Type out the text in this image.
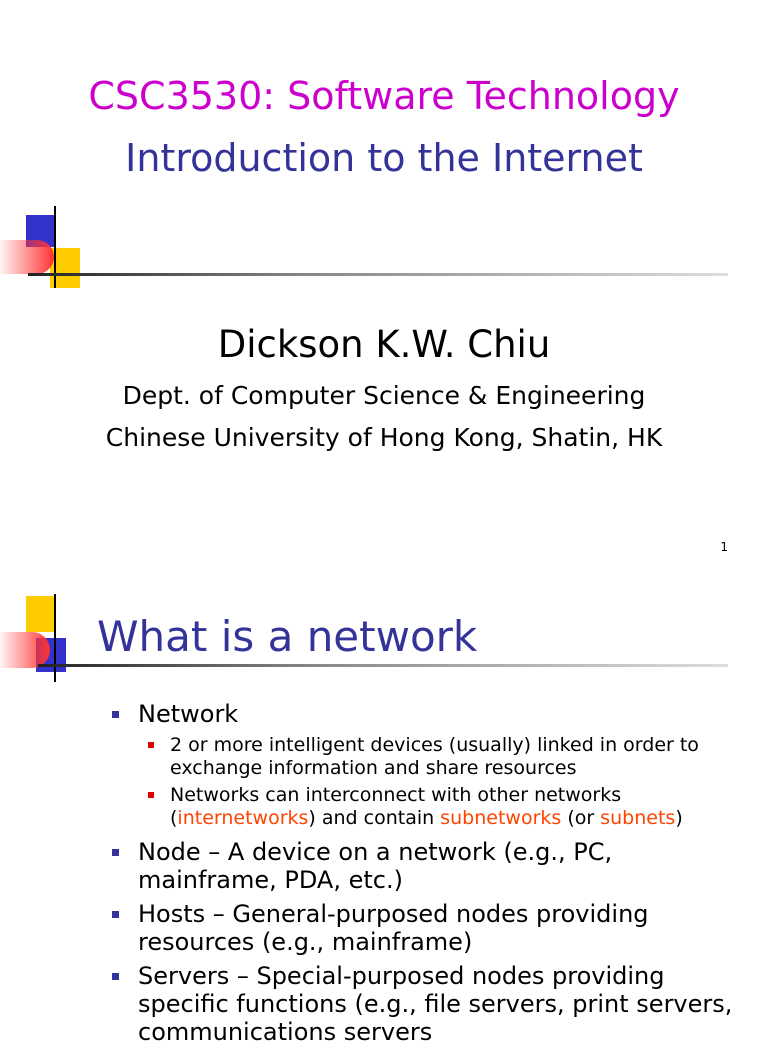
CSC3530: Software Technology
Introduction to the Internet
Dickson K.W. Chiu
Dept. of Computer Science & Engineering
Chinese University of Hong Kong, Shatin, HK
1
What is a network
Network
2 or more intelligent devices (usually) linked in order to exchange information and share resources
Networks can interconnect with other networks (internetworks) and contain subnetworks (or subnets)
Node – A device on a network (e.g., PC, mainframe, PDA, etc.)
Hosts – General-purposed nodes providing resources (e.g., mainframe)
Servers – Special-purposed nodes providing specific functions (e.g., file servers, print servers, communications servers
